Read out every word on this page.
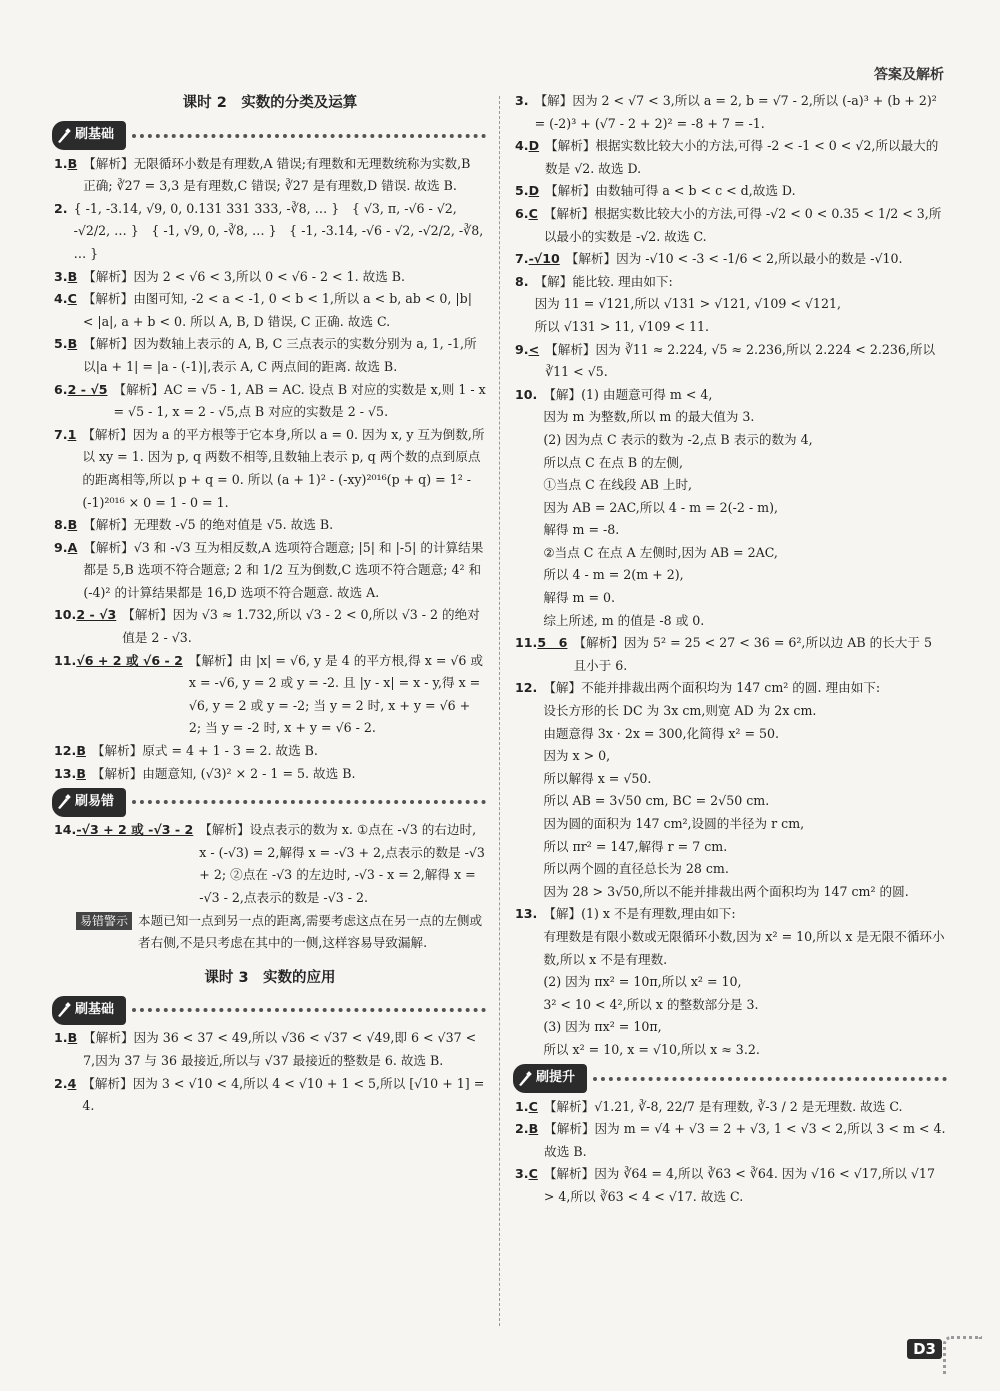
答案及解析
课时 2　实数的分类及运算
刷基础
1.B 【解析】无限循环小数是有理数,A 错误;有理数和无理数统称为实数,B 正确; ∛27 = 3,3 是有理数,C 错误; ∛27 是有理数,D 错误. 故选 B.
2. { -1, -3.14, √9, 0, 0.131 331 333, -∛8, … }　{ √3, π, -√6 - √2, -√2/2, … }　{ -1, √9, 0, -∛8, … }　{ -1, -3.14, -√6 - √2, -√2/2, -∛8, … }
3.B 【解析】因为 2 < √6 < 3,所以 0 < √6 - 2 < 1. 故选 B.
4.C 【解析】由图可知, -2 < a < -1, 0 < b < 1,所以 a < b, ab < 0, |b| < |a|, a + b < 0. 所以 A, B, D 错误, C 正确. 故选 C.
5.B 【解析】因为数轴上表示的 A, B, C 三点表示的实数分别为 a, 1, -1,所以|a + 1| = |a - (-1)|,表示 A, C 两点间的距离. 故选 B.
6.2 - √5 【解析】AC = √5 - 1, AB = AC. 设点 B 对应的实数是 x,则 1 - x = √5 - 1, x = 2 - √5,点 B 对应的实数是 2 - √5.
7.1 【解析】因为 a 的平方根等于它本身,所以 a = 0. 因为 x, y 互为倒数,所以 xy = 1. 因为 p, q 两数不相等,且数轴上表示 p, q 两个数的点到原点的距离相等,所以 p + q = 0. 所以 (a + 1)² - (-xy)²⁰¹⁶(p + q) = 1² - (-1)²⁰¹⁶ × 0 = 1 - 0 = 1.
8.B 【解析】无理数 -√5 的绝对值是 √5. 故选 B.
9.A 【解析】√3 和 -√3 互为相反数,A 选项符合题意; |5| 和 |-5| 的计算结果都是 5,B 选项不符合题意; 2 和 1/2 互为倒数,C 选项不符合题意; 4² 和 (-4)² 的计算结果都是 16,D 选项不符合题意. 故选 A.
10.2 - √3 【解析】因为 √3 ≈ 1.732,所以 √3 - 2 < 0,所以 √3 - 2 的绝对值是 2 - √3.
11.√6 + 2 或 √6 - 2 【解析】由 |x| = √6, y 是 4 的平方根,得 x = √6 或 x = -√6, y = 2 或 y = -2. 且 |y - x| = x - y,得 x = √6, y = 2 或 y = -2; 当 y = 2 时, x + y = √6 + 2; 当 y = -2 时, x + y = √6 - 2.
12.B 【解析】原式 = 4 + 1 - 3 = 2. 故选 B.
13.B 【解析】由题意知, (√3)² × 2 - 1 = 5. 故选 B.
刷易错
14.-√3 + 2 或 -√3 - 2 【解析】设点表示的数为 x. ①点在 -√3 的右边时, x - (-√3) = 2,解得 x = -√3 + 2,点表示的数是 -√3 + 2; ②点在 -√3 的左边时, -√3 - x = 2,解得 x = -√3 - 2,点表示的数是 -√3 - 2.
易错警示 本题已知一点到另一点的距离,需要考虑这点在另一点的左侧或者右侧,不是只考虑在其中的一侧,这样容易导致漏解.
课时 3　实数的应用
刷基础
1.B 【解析】因为 36 < 37 < 49,所以 √36 < √37 < √49,即 6 < √37 < 7,因为 37 与 36 最接近,所以与 √37 最接近的整数是 6. 故选 B.
2.4 【解析】因为 3 < √10 < 4,所以 4 < √10 + 1 < 5,所以 [√10 + 1] = 4.
3. 【解】因为 2 < √7 < 3,所以 a = 2, b = √7 - 2,所以 (-a)³ + (b + 2)² = (-2)³ + (√7 - 2 + 2)² = -8 + 7 = -1.
4.D 【解析】根据实数比较大小的方法,可得 -2 < -1 < 0 < √2,所以最大的数是 √2. 故选 D.
5.D 【解析】由数轴可得 a < b < c < d,故选 D.
6.C 【解析】根据实数比较大小的方法,可得 -√2 < 0 < 0.35 < 1/2 < 3,所以最小的实数是 -√2. 故选 C.
7.-√10 【解析】因为 -√10 < -3 < -1/6 < 2,所以最小的数是 -√10.
8. 【解】能比较. 理由如下:
因为 11 = √121,所以 √131 > √121, √109 < √121,
所以 √131 > 11, √109 < 11.
9.< 【解析】因为 ∛11 ≈ 2.224, √5 ≈ 2.236,所以 2.224 < 2.236,所以 ∛11 < √5.
10. 【解】(1) 由题意可得 m < 4,
因为 m 为整数,所以 m 的最大值为 3.
(2) 因为点 C 表示的数为 -2,点 B 表示的数为 4,
所以点 C 在点 B 的左侧,
①当点 C 在线段 AB 上时,
因为 AB = 2AC,所以 4 - m = 2(-2 - m),
解得 m = -8.
②当点 C 在点 A 左侧时,因为 AB = 2AC,
所以 4 - m = 2(m + 2),
解得 m = 0.
综上所述, m 的值是 -8 或 0.
11.5　6 【解析】因为 5² = 25 < 27 < 36 = 6²,所以边 AB 的长大于 5 且小于 6.
12. 【解】不能并排裁出两个面积均为 147 cm² 的圆. 理由如下:
设长方形的长 DC 为 3x cm,则宽 AD 为 2x cm.
由题意得 3x · 2x = 300,化简得 x² = 50.
因为 x > 0,
所以解得 x = √50.
所以 AB = 3√50 cm, BC = 2√50 cm.
因为圆的面积为 147 cm²,设圆的半径为 r cm,
所以 πr² = 147,解得 r = 7 cm.
所以两个圆的直径总长为 28 cm.
因为 28 > 3√50,所以不能并排裁出两个面积均为 147 cm² 的圆.
13. 【解】(1) x 不是有理数,理由如下:
有理数是有限小数或无限循环小数,因为 x² = 10,所以 x 是无限不循环小数,所以 x 不是有理数.
(2) 因为 πx² = 10π,所以 x² = 10,
3² < 10 < 4²,所以 x 的整数部分是 3.
(3) 因为 πx² = 10π,
所以 x² = 10, x = √10,所以 x ≈ 3.2.
刷提升
1.C 【解析】√1.21, ∛-8, 22/7 是有理数, ∛-3 / 2 是无理数. 故选 C.
2.B 【解析】因为 m = √4 + √3 = 2 + √3, 1 < √3 < 2,所以 3 < m < 4. 故选 B.
3.C 【解析】因为 ∛64 = 4,所以 ∛63 < ∛64. 因为 √16 < √17,所以 √17 > 4,所以 ∛63 < 4 < √17. 故选 C.
D3
